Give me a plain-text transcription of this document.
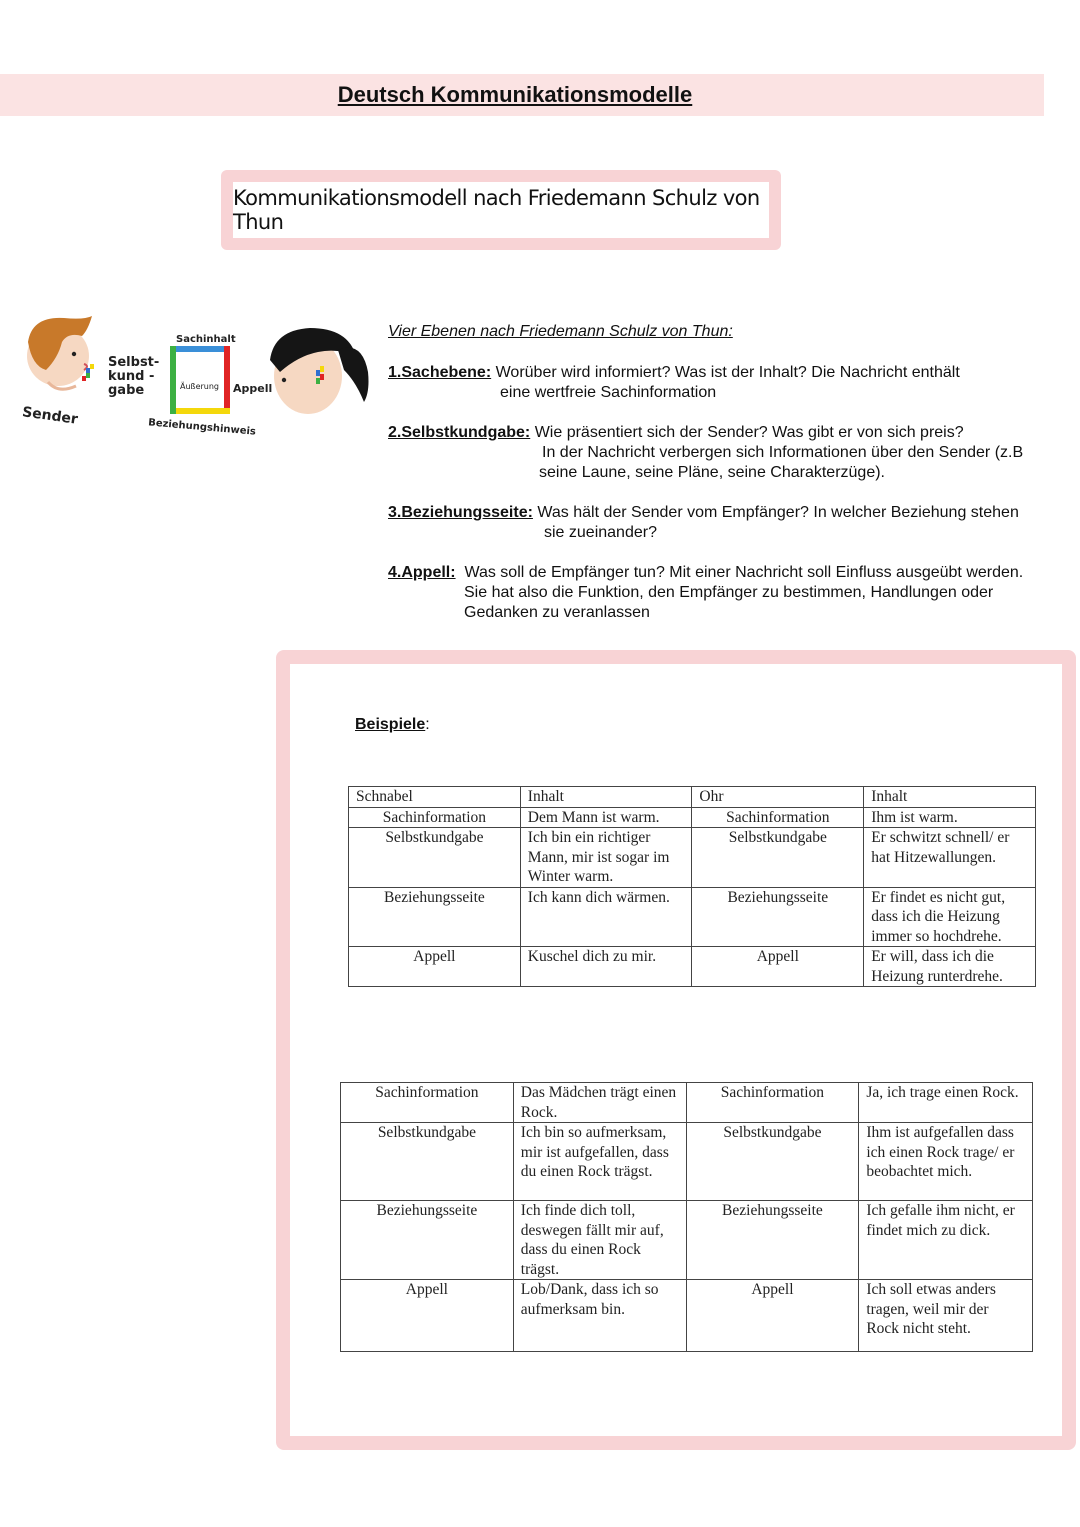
Deutsch Kommunikationsmodelle
Kommunikationsmodell nach Friedemann Schulz von Thun
Sender
Selbst-
kund -
gabe
Sachinhalt
Äußerung Appell
Beziehungshinweis
Vier Ebenen nach Friedemann Schulz von Thun:
1.Sachebene: Worüber wird informiert? Was ist der Inhalt? Die Nachricht enthält
eine wertfreie Sachinformation
2.Selbstkundgabe: Wie präsentiert sich der Sender? Was gibt er von sich preis?
In der Nachricht verbergen sich Informationen über den Sender (z.B
seine Laune, seine Pläne, seine Charakterzüge).
3.Beziehungsseite: Was hält der Sender vom Empfänger? In welcher Beziehung stehen
sie zueinander?
4.Appell:  Was soll de Empfänger tun? Mit einer Nachricht soll Einfluss ausgeübt werden.
Sie hat also die Funktion, den Empfänger zu bestimmen, Handlungen oder
Gedanken zu veranlassen
Beispiele:
Schnabel	Inhalt	Ohr	Inhalt
Sachinformation	Dem Mann ist warm.	Sachinformation	Ihm ist warm.
Selbstkundgabe	Ich bin ein richtiger Mann, mir ist sogar im Winter warm.	Selbstkundgabe	Er schwitzt schnell/ er hat Hitzewallungen.
Beziehungsseite	Ich kann dich wärmen.	Beziehungsseite	Er findet es nicht gut, dass ich die Heizung immer so hochdrehe.
Appell	Kuschel dich zu mir.	Appell	Er will, dass ich die Heizung runterdrehe.
Sachinformation	Das Mädchen trägt einen Rock.	Sachinformation	Ja, ich trage einen Rock.
Selbstkundgabe	Ich bin so aufmerksam, mir ist aufgefallen, dass du einen Rock trägst.	Selbstkundgabe	Ihm ist aufgefallen dass ich einen Rock trage/ er beobachtet mich.
Beziehungsseite	Ich finde dich toll, deswegen fällt mir auf, dass du einen Rock trägst.	Beziehungsseite	Ich gefalle ihm nicht, er findet mich zu dick.
Appell	Lob/Dank, dass ich so aufmerksam bin.	Appell	Ich soll etwas anders tragen, weil mir der Rock nicht steht.
